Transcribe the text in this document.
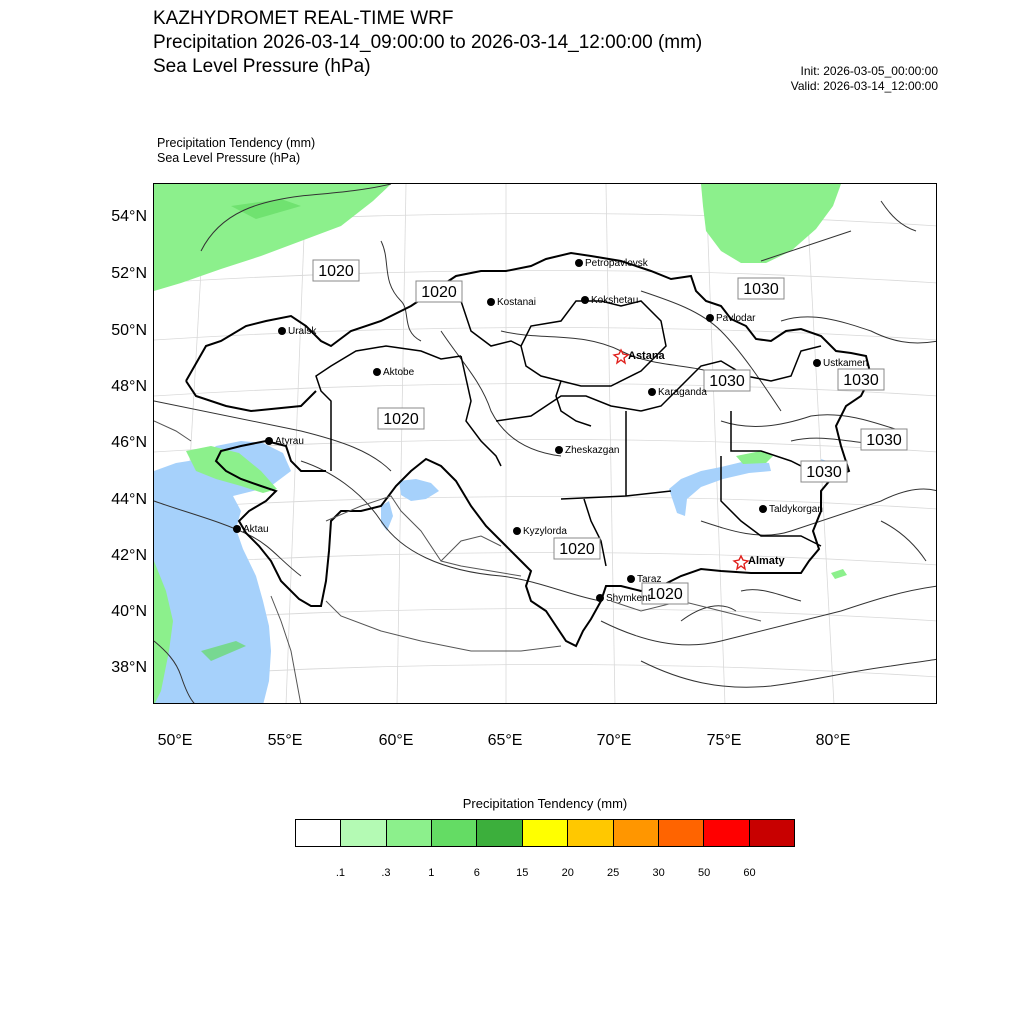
KAZHYDROMET REAL-TIME WRF
Precipitation 2026-03-14_09:00:00 to 2026-03-14_12:00:00 (mm)
Sea Level Pressure (hPa)	Init: 2026-03-05_00:00:00
Valid: 2026-03-14_12:00:00
Precipitation Tendency (mm)
Sea Level Pressure (hPa)
1020
1020	1030
1030	1030
1020
1030
1030
1020
1020
Petropavlovsk
Kostanai	Kokshetau
Pavlodar
Uralsk
Astana
Ustkamen
Aktobe
Karaganda
Atyrau
Zheskazgan
Aktau	Kyzylorda
Taldykorgan
Almaty
Taraz
Shymkent
54°N
52°N
50°N
48°N
46°N
44°N
42°N
40°N
38°N
50°E	55°E	60°E	65°E	70°E	75°E	80°E
Precipitation Tendency (mm)
.1	.3	1	6	15	20	25	30	50	60
